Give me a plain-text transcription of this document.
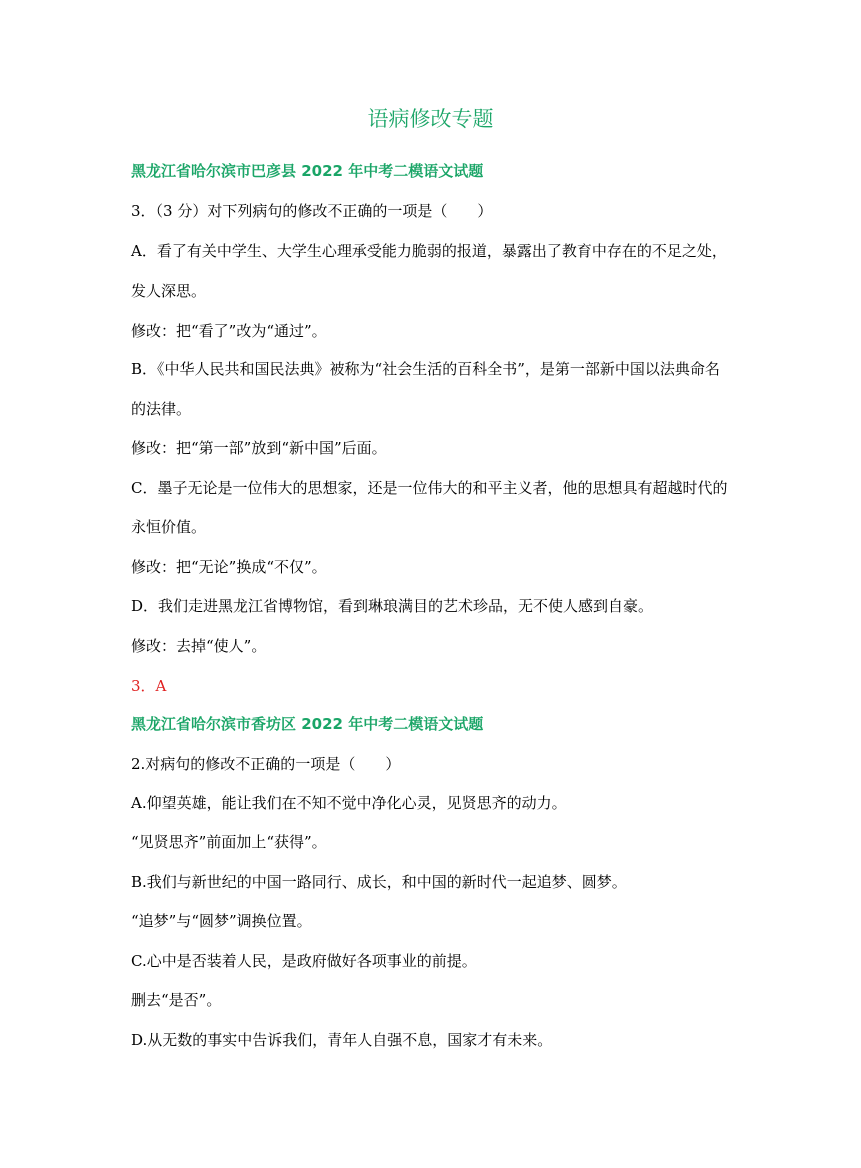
语病修改专题
黑龙江省哈尔滨市巴彦县 2022 年中考二模语文试题
3．（3 分）对下列病句的修改不正确的一项是（　　）
A．看了有关中学生、大学生心理承受能力脆弱的报道，暴露出了教育中存在的不足之处，
发人深思。
修改：把“看了”改为“通过”。
B．《中华人民共和国民法典》被称为“社会生活的百科全书”，是第一部新中国以法典命名
的法律。
修改：把“第一部”放到“新中国”后面。
C．墨子无论是一位伟大的思想家，还是一位伟大的和平主义者，他的思想具有超越时代的
永恒价值。
修改：把“无论”换成“不仅”。
D．我们走进黑龙江省博物馆，看到琳琅满目的艺术珍品，无不使人感到自豪。
修改：去掉“使人”。
3．A
黑龙江省哈尔滨市香坊区 2022 年中考二模语文试题
2.对病句的修改不正确的一项是（　　）
A.仰望英雄，能让我们在不知不觉中净化心灵，见贤思齐的动力。
“见贤思齐”前面加上“获得”。
B.我们与新世纪的中国一路同行、成长，和中国的新时代一起追梦、圆梦。
“追梦”与“圆梦”调换位置。
C.心中是否装着人民，是政府做好各项事业的前提。
删去“是否”。
D.从无数的事实中告诉我们，青年人自强不息，国家才有未来。
